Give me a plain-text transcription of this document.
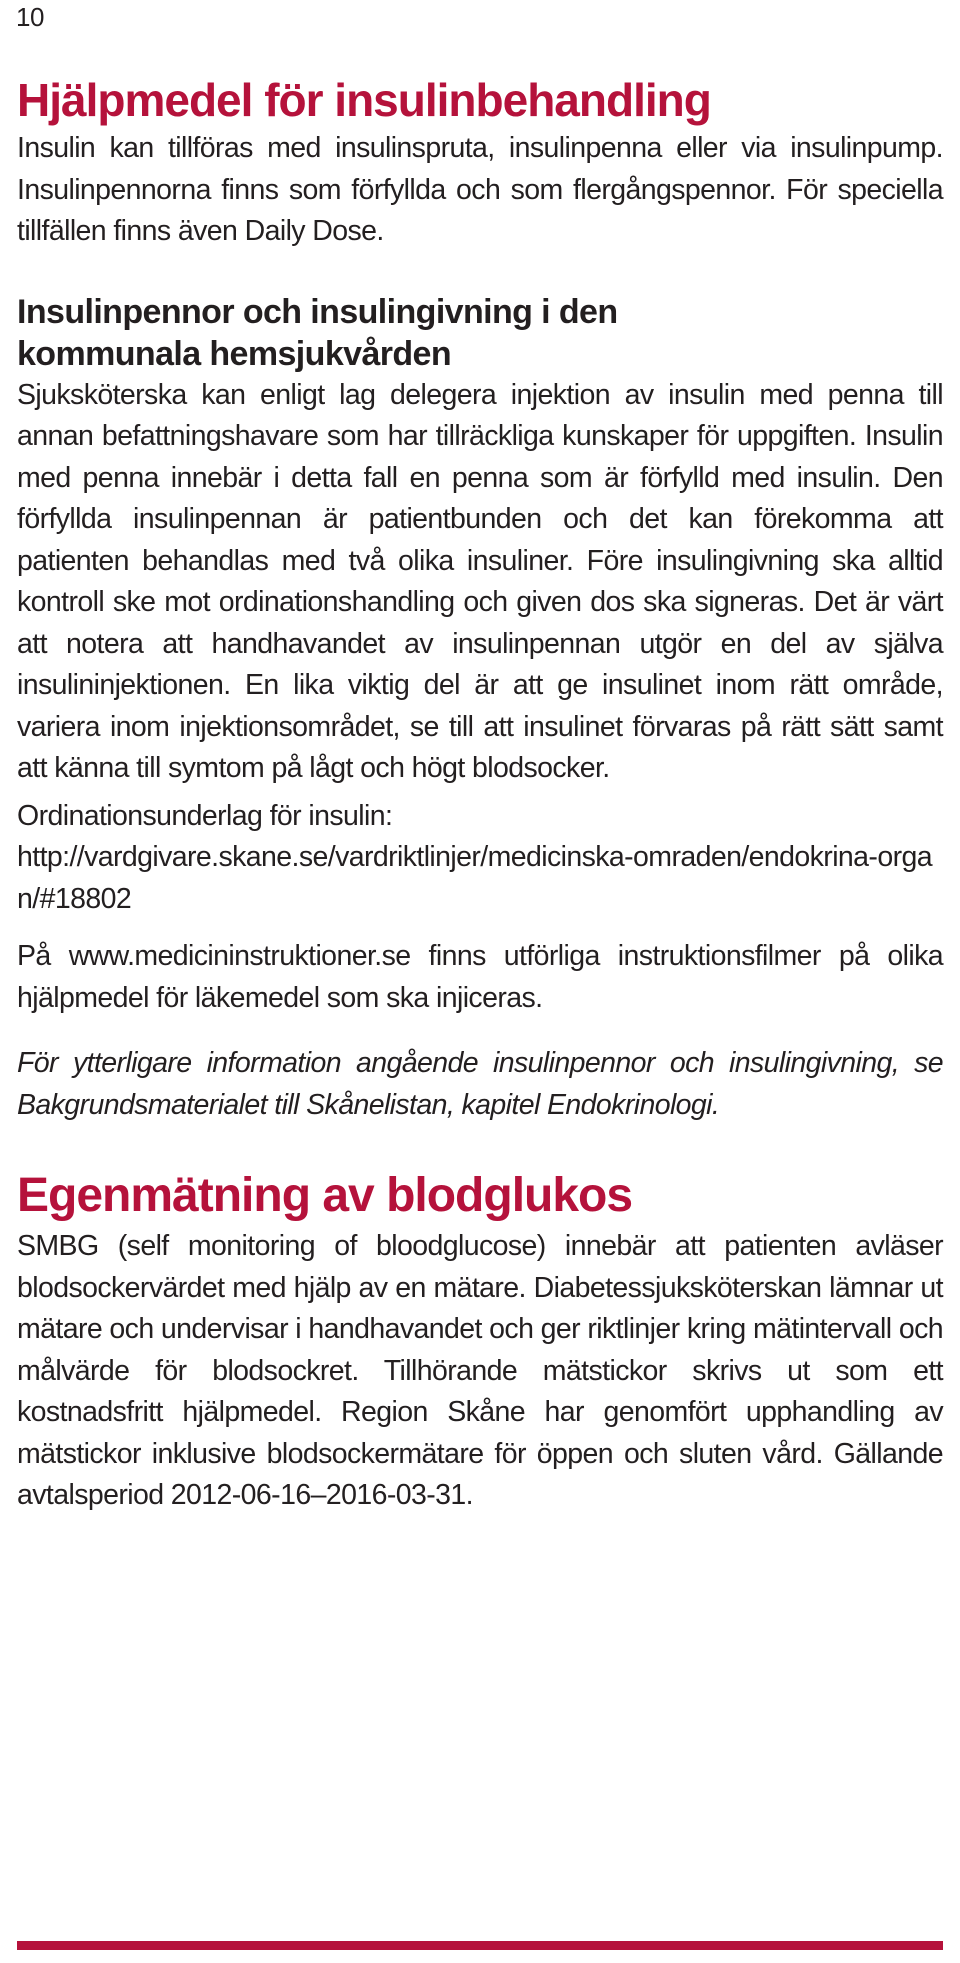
10
Hjälpmedel för insulinbehandling

Insulin kan tillföras med insulinspruta, insulinpenna eller via insulinpump. Insulinpennorna finns som förfyllda och som flergångspennor. För speciella tillfällen finns även Daily Dose.

Insulinpennor och insulingivning i den kommunala hemsjukvården

Sjuksköterska kan enligt lag delegera injektion av insulin med penna till annan befattningshavare som har tillräckliga kunskaper för uppgiften. Insulin med penna innebär i detta fall en penna som är förfylld med insulin. Den förfyllda insulinpennan är patientbunden och det kan förekomma att patienten behandlas med två olika insuliner. Före insulingivning ska alltid kontroll ske mot ordinationshandling och given dos ska signeras. Det är värt att notera att handhavandet av insulinpennan utgör en del av själva insulininjektionen. En lika viktig del är att ge insulinet inom rätt område, variera inom injektionsområdet, se till att insulinet förvaras på rätt sätt samt att känna till symtom på lågt och högt blodsocker.

Ordinationsunderlag för insulin:

http://vardgivare.skane.se/vardriktlinjer/medicinska-omraden/endokrina-organ/#18802

På www.medicininstruktioner.se finns utförliga instruktionsfilmer på olika hjälpmedel för läkemedel som ska injiceras.

För ytterligare information angående insulinpennor och insulingivning, se Bakgrundsmaterialet till Skånelistan, kapitel Endokrinologi.

Egenmätning av blodglukos

SMBG (self monitoring of bloodglucose) innebär att patienten avläser blodsockervärdet med hjälp av en mätare. Diabetessjuksköterskan lämnar ut mätare och undervisar i handhavandet och ger riktlinjer kring mätintervall och målvärde för blodsockret. Tillhörande mätstickor skrivs ut som ett kostnadsfritt hjälpmedel. Region Skåne har genomfört upphandling av mätstickor inklusive blodsockermätare för öppen och sluten vård. Gällande avtalsperiod 2012-06-16–2016-03-31.
